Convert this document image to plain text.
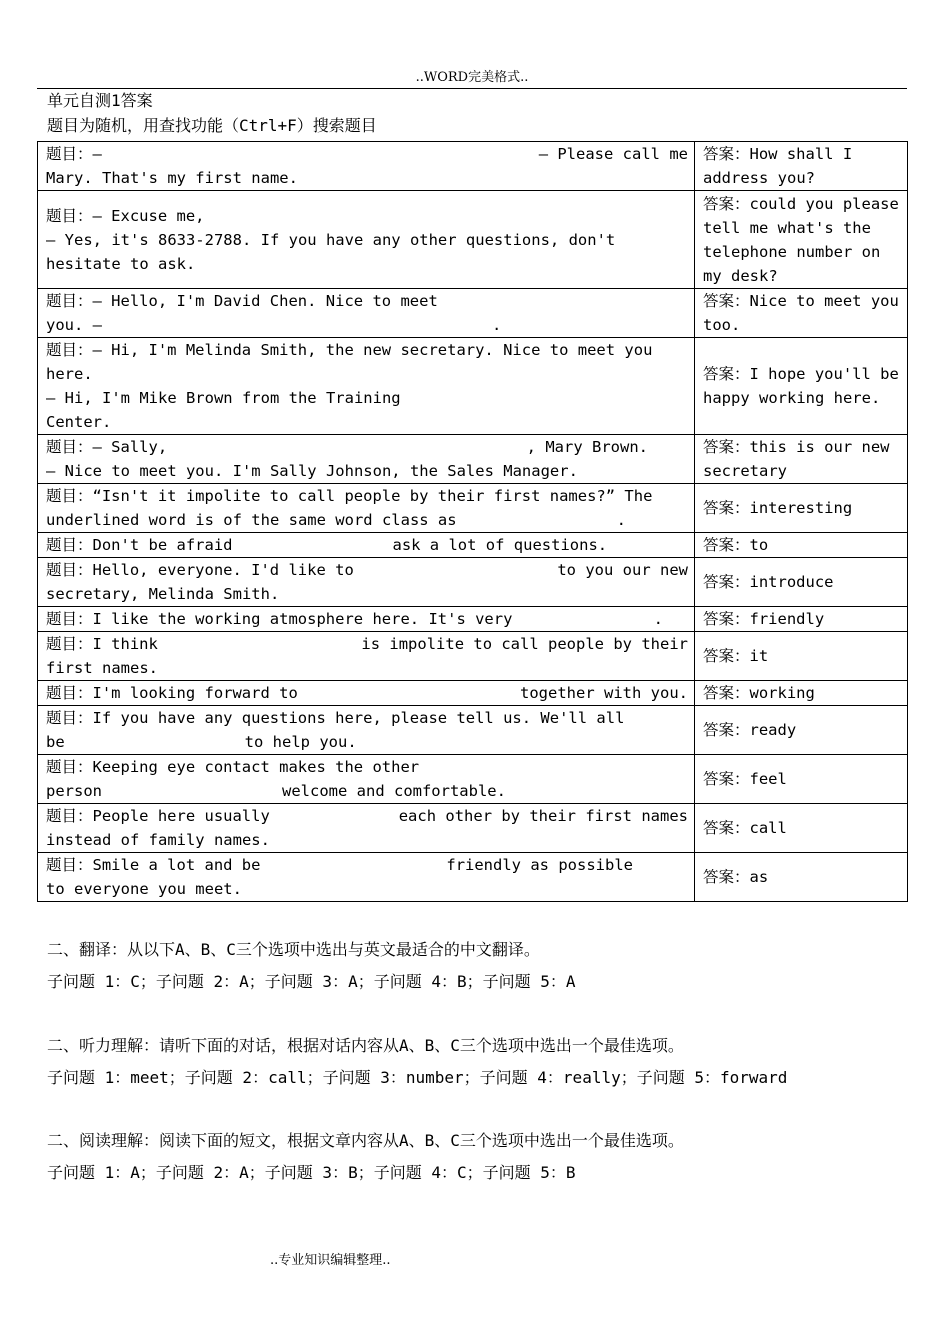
..WORD完美格式..
单元自测1答案
题目为随机，用查找功能（Ctrl+F）搜索题目
题目：— — Please call me
Mary. That's my first name.	答案：How shall I address you?

题目：— Excuse me,
— Yes, it's 8633-2788. If you have any other questions, don't hesitate to ask.	答案：could you please tell me what's the telephone number on my desk?

题目：— Hello, I'm David Chen. Nice to meet
you. — .	答案：Nice to meet you too.

题目：— Hi, I'm Melinda Smith, the new secretary. Nice to meet you here.
— Hi, I'm Mike Brown from the Training Center.	答案：I hope you'll be happy working here.

题目：— Sally, , Mary Brown.
— Nice to meet you. I'm Sally Johnson, the Sales Manager.	答案：this is our new secretary
题目：“Isn't it impolite to call people by their first names?” The underlined word is of the same word class as .	答案：interesting
题目：Don't be afraid ask a lot of questions.	答案：to

题目：Hello, everyone. I'd like to to you our new
secretary, Melinda Smith.	答案：introduce

题目：I like the working atmosphere here. It's very .	答案：friendly

题目：I think is impolite to call people by their
first names.	答案：it

题目：I'm looking forward to together with you.	答案：working

题目：If you have any questions here, please tell us. We'll all
be to help you.	答案：ready

题目：Keeping eye contact makes the other
person welcome and comfortable.	答案：feel

题目：People here usually each other by their first names
instead of family names.	答案：call

题目：Smile a lot and be friendly as possible
to everyone you meet.	答案：as
二、翻译：从以下A、B、C三个选项中选出与英文最适合的中文翻译。
子问题 1：C；子问题 2：A；子问题 3：A；子问题 4：B；子问题 5：A
二、听力理解：请听下面的对话，根据对话内容从A、B、C三个选项中选出一个最佳选项。
子问题 1：meet；子问题 2：call；子问题 3：number；子问题 4：really；子问题 5：forward
二、阅读理解：阅读下面的短文，根据文章内容从A、B、C三个选项中选出一个最佳选项。
子问题 1：A；子问题 2：A；子问题 3：B；子问题 4：C；子问题 5：B
..专业知识编辑整理..
